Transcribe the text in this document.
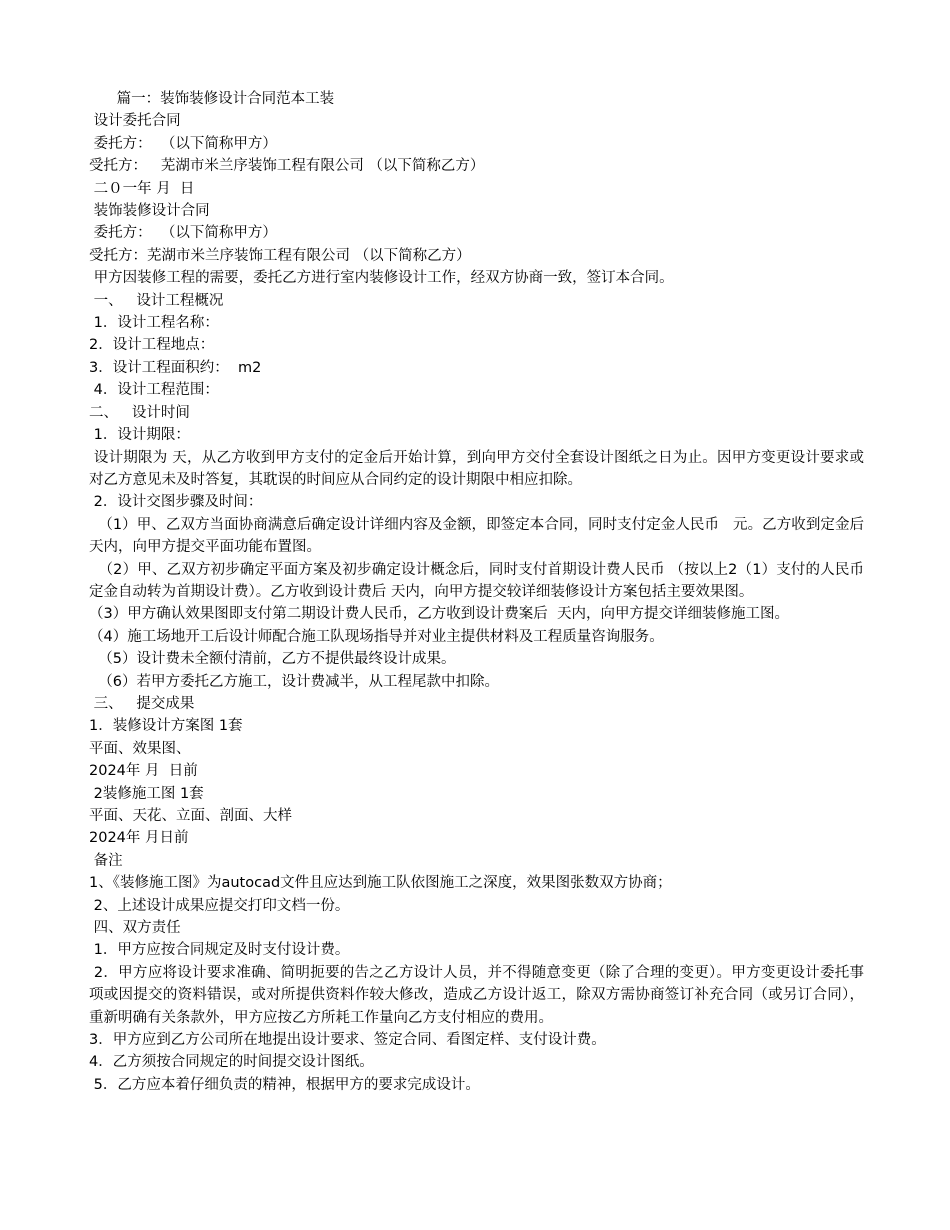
篇一：装饰装修设计合同范本工装

设计委托合同

委托方：  （以下简称甲方）

受托方：   芜湖市米兰序装饰工程有限公司 （以下简称乙方）

二０一年 月  日

装饰装修设计合同

委托方：  （以下简称甲方）

受托方：芜湖市米兰序装饰工程有限公司 （以下简称乙方）

甲方因装修工程的需要，委托乙方进行室内装修设计工作，经双方协商一致，签订本合同。

一、   设计工程概况

1．设计工程名称：

2．设计工程地点：

3．设计工程面积约：  m2

4．设计工程范围：

二、   设计时间

1．设计期限：

设计期限为 天，从乙方收到甲方支付的定金后开始计算，到向甲方交付全套设计图纸之日为止。因甲方变更设计要求或对乙方意见未及时答复，其耽误的时间应从合同约定的设计期限中相应扣除。

2．设计交图步骤及时间：

（1）甲、乙双方当面协商满意后确定设计详细内容及金额，即签定本合同，同时支付定金人民币   元。乙方收到定金后天内，向甲方提交平面功能布置图。

（2）甲、乙双方初步确定平面方案及初步确定设计概念后，同时支付首期设计费人民币 （按以上2（1）支付的人民币定金自动转为首期设计费）。乙方收到设计费后 天内，向甲方提交较详细装修设计方案包括主要效果图。

（3）甲方确认效果图即支付第二期设计费人民币，乙方收到设计费案后  天内，向甲方提交详细装修施工图。

（4）施工场地开工后设计师配合施工队现场指导并对业主提供材料及工程质量咨询服务。

（5）设计费未全额付清前，乙方不提供最终设计成果。

（6）若甲方委托乙方施工，设计费减半，从工程尾款中扣除。

三、   提交成果

1．装修设计方案图 1套

平面、效果图、

2024年 月  日前

2装修施工图 1套

平面、天花、立面、剖面、大样

2024年 月日前

备注

1、《装修施工图》为autocad文件且应达到施工队依图施工之深度，效果图张数双方协商；

2、上述设计成果应提交打印文档一份。

四、双方责任

1．甲方应按合同规定及时支付设计费。

2．甲方应将设计要求准确、简明扼要的告之乙方设计人员，并不得随意变更（除了合理的变更）。甲方变更设计委托事项或因提交的资料错误，或对所提供资料作较大修改，造成乙方设计返工，除双方需协商签订补充合同（或另订合同），重新明确有关条款外，甲方应按乙方所耗工作量向乙方支付相应的费用。

3．甲方应到乙方公司所在地提出设计要求、签定合同、看图定样、支付设计费。

4．乙方须按合同规定的时间提交设计图纸。

5．乙方应本着仔细负责的精神，根据甲方的要求完成设计。
